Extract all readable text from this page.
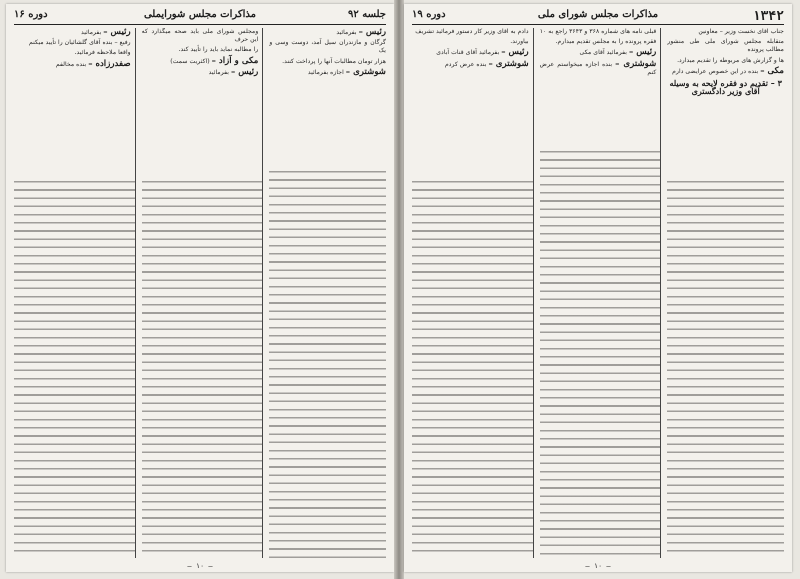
جلسه ۹۲
مذاکرات مجلس شورایملی
دوره ۱۶

رئیس – بفرمائید

گرگان و مازندران سیل آمد، دوست وسی و یک

هزار تومان مطالبات آنها را پرداخت کنند.

شوشتری – اجازه بفرمائید

ومجلس شورای ملی باید صحه میگذارد که این حرف

را مطالبه نماید باید را تأیید کند.

مکی و آزاد – (اکثریت سمت)

رئیس – بفرمائید

رئیس – بفرمائید

رفیع – بنده آقای گلشائیان را تأیید میکنم

واقعا ملاحظه فرمائید.

صفدرزاده – بنده مخالفم

– ۱۰ –
۱۳۴۲
مذاکرات مجلس شورای ملی
دوره ۱۹

جناب آقای نخست وزیر – معاونین

متقابله مجلس شورای ملی طی منشور مطالب پرونده

ها و گزارش های مربوطه را تقدیم میدارد.

مکی – بنده در این خصوص عرایضی دارم

۳ – تقدیم دو فقره لایحه به وسیله آقای وزیر دادگستری

قبلی نامه های شماره ۳۶۸ و ۳۶۴۳ راجع به ۱۰

فقره پرونده را به مجلس تقدیم میدارم.

رئیس – بفرمائید آقای مکی

شوشتری – بنده اجازه میخواستم عرض کنم

دادم به آقای وزیر کار دستور فرمائید تشریف

بیاورند.

رئیس – بفرمائید آقای قنات آبادی

شوشتری – بنده عرض کردم

– ۱۰ –
